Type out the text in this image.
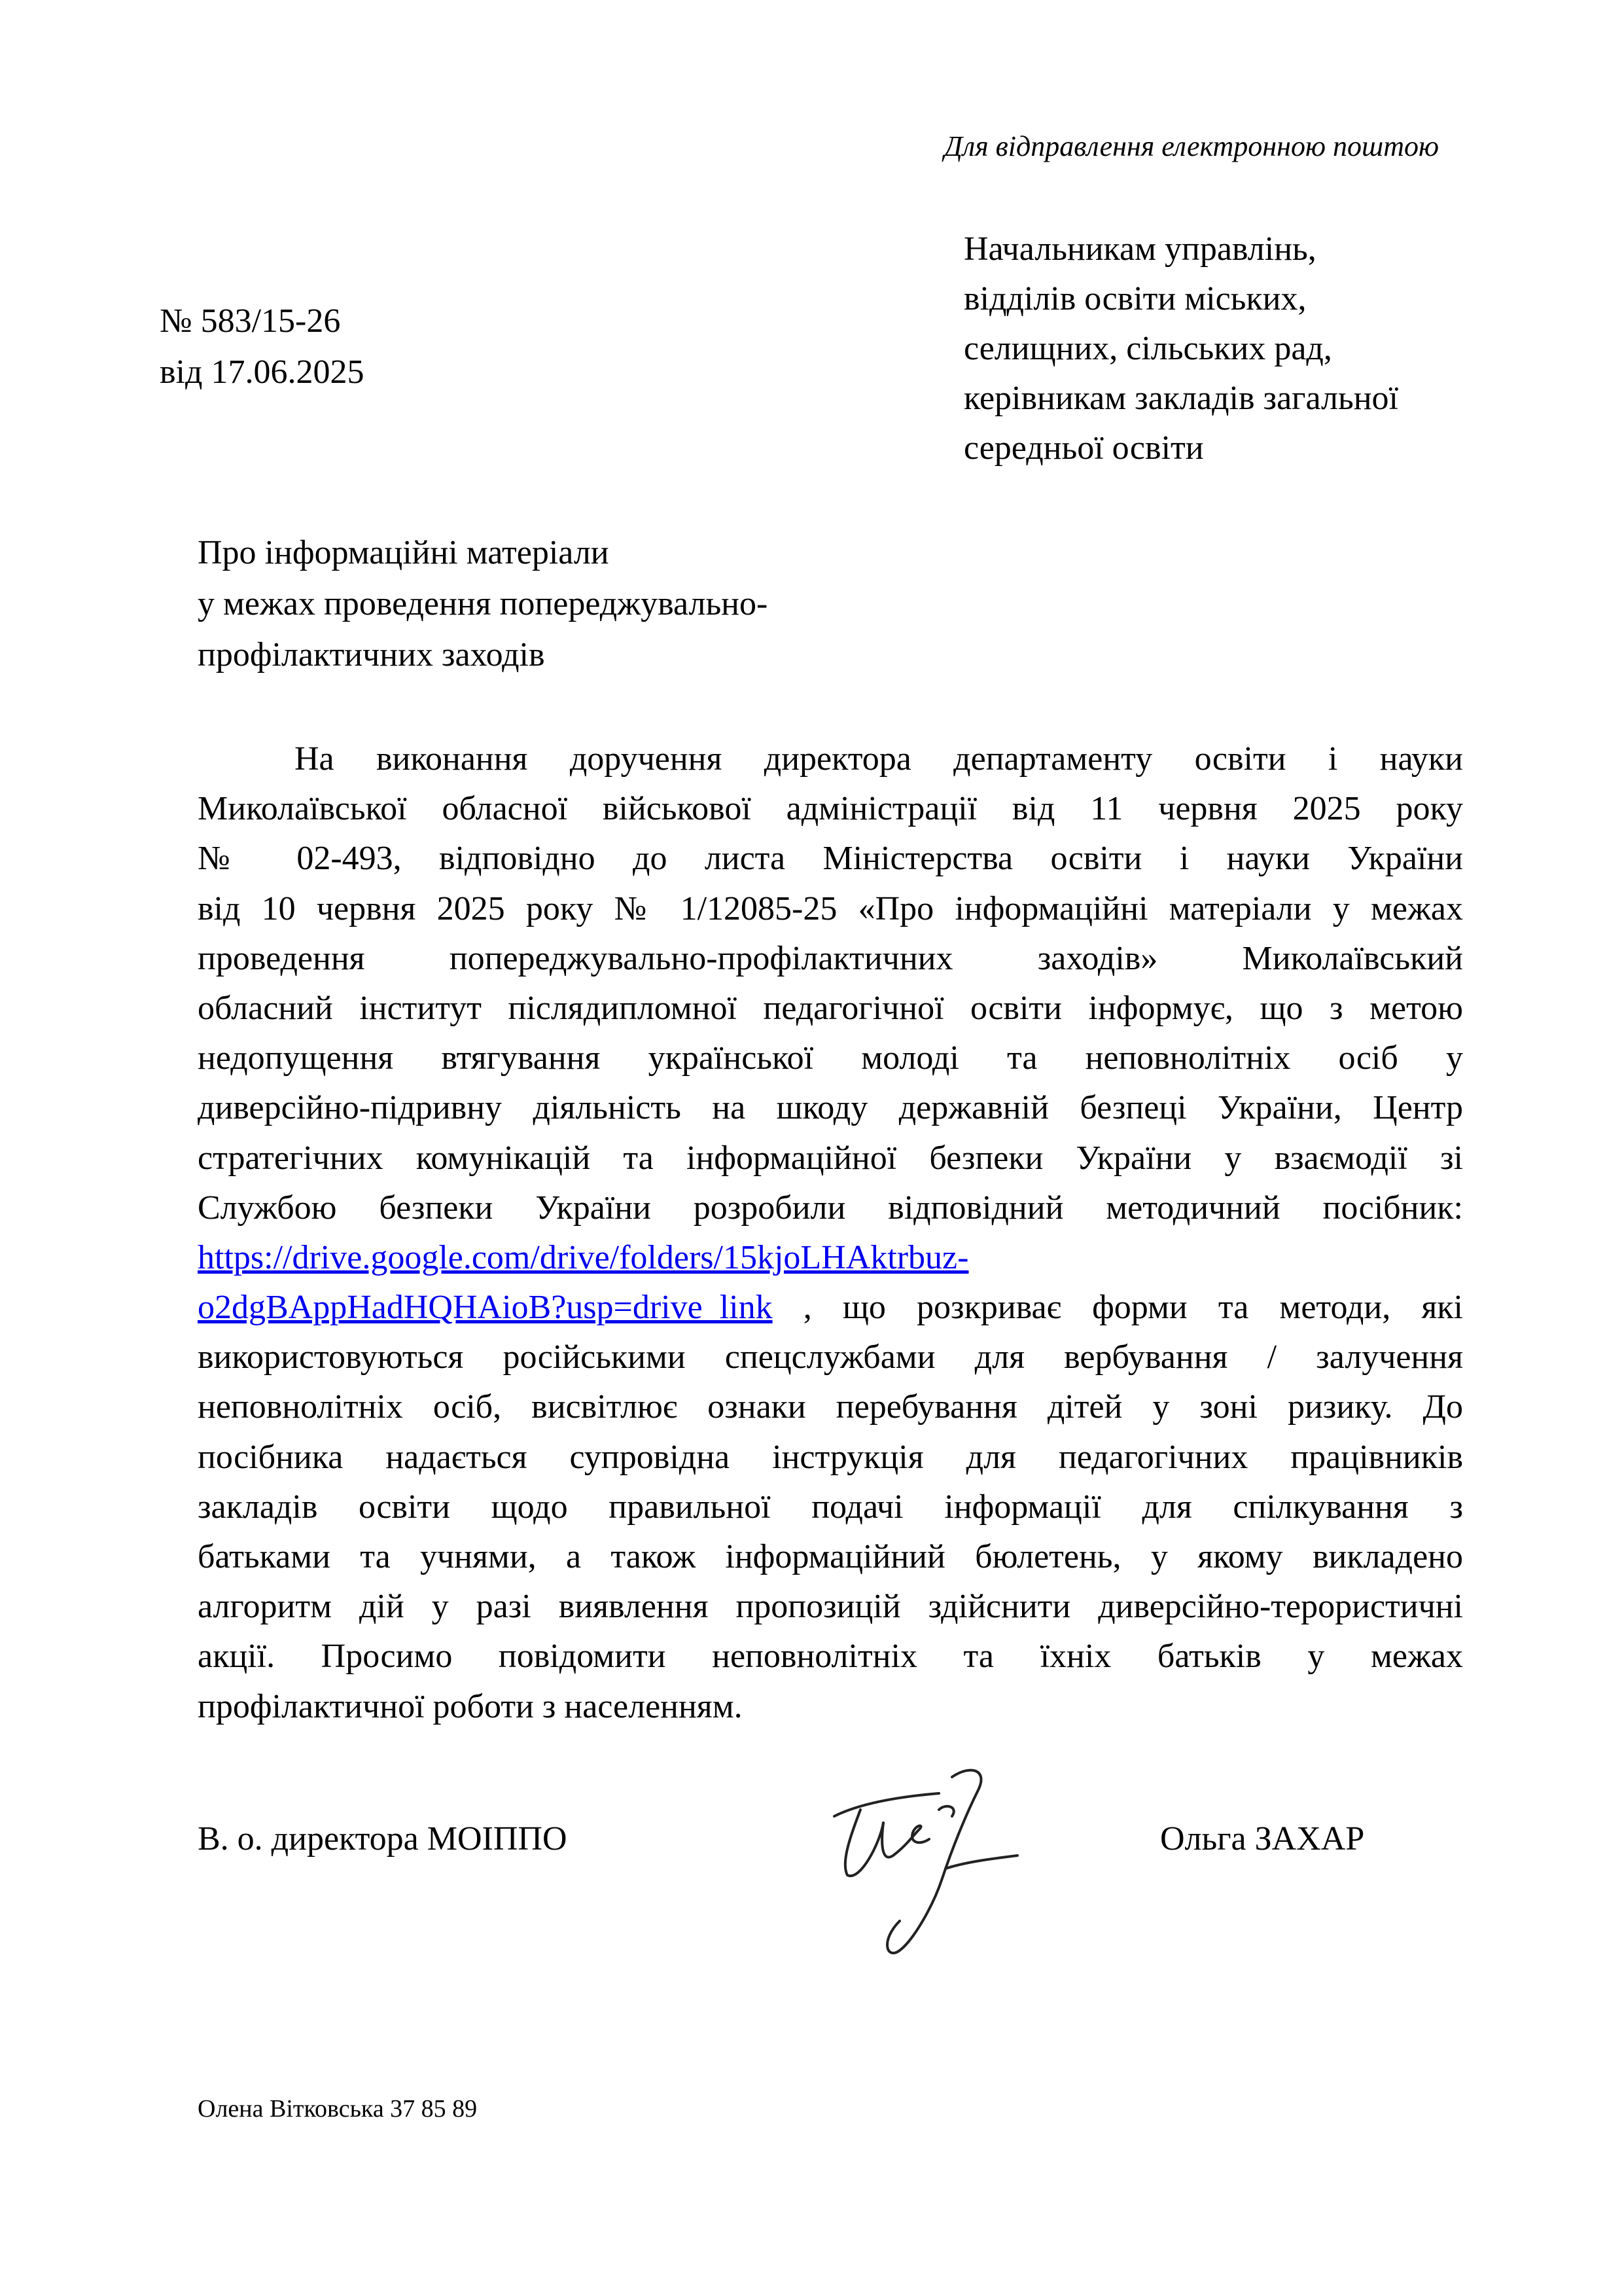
Для відправлення електронною поштою
№ 583/15-26
від 17.06.2025
Начальникам управлінь,
відділів освіти міських,
селищних, сільських рад,
керівникам закладів загальної
середньої освіти
Про інформаційні матеріали
у межах проведення попереджувально-
профілактичних заходів
На виконання доручення директора департаменту освіти і науки
Миколаївської обласної військової адміністрації від 11 червня 2025 року
№ 02-493, відповідно до листа Міністерства освіти і науки України
від 10 червня 2025 року № 1/12085-25 «Про інформаційні матеріали у межах
проведення попереджувально-профілактичних заходів» Миколаївський
обласний інститут післядипломної педагогічної освіти інформує, що з метою
недопущення втягування української молоді та неповнолітніх осіб у
диверсійно-підривну діяльність на шкоду державній безпеці України, Центр
стратегічних комунікацій та інформаційної безпеки України у взаємодії зі
Службою безпеки України розробили відповідний методичний посібник:
https://drive.google.com/drive/folders/15kjoLHAktrbuz-
o2dgBAppHadHQHAioB?usp=drive_link , що розкриває форми та методи, які
використовуються російськими спецслужбами для вербування / залучення
неповнолітніх осіб, висвітлює ознаки перебування дітей у зоні ризику. До
посібника надається супровідна інструкція для педагогічних працівників
закладів освіти щодо правильної подачі інформації для спілкування з
батьками та учнями, а також інформаційний бюлетень, у якому викладено
алгоритм дій у разі виявлення пропозицій здійснити диверсійно-терористичні
акції. Просимо повідомити неповнолітніх та їхніх батьків у межах
профілактичної роботи з населенням.
В. о. директора МОІППО	Ольга ЗАХАР
Олена Вітковська 37 85 89
